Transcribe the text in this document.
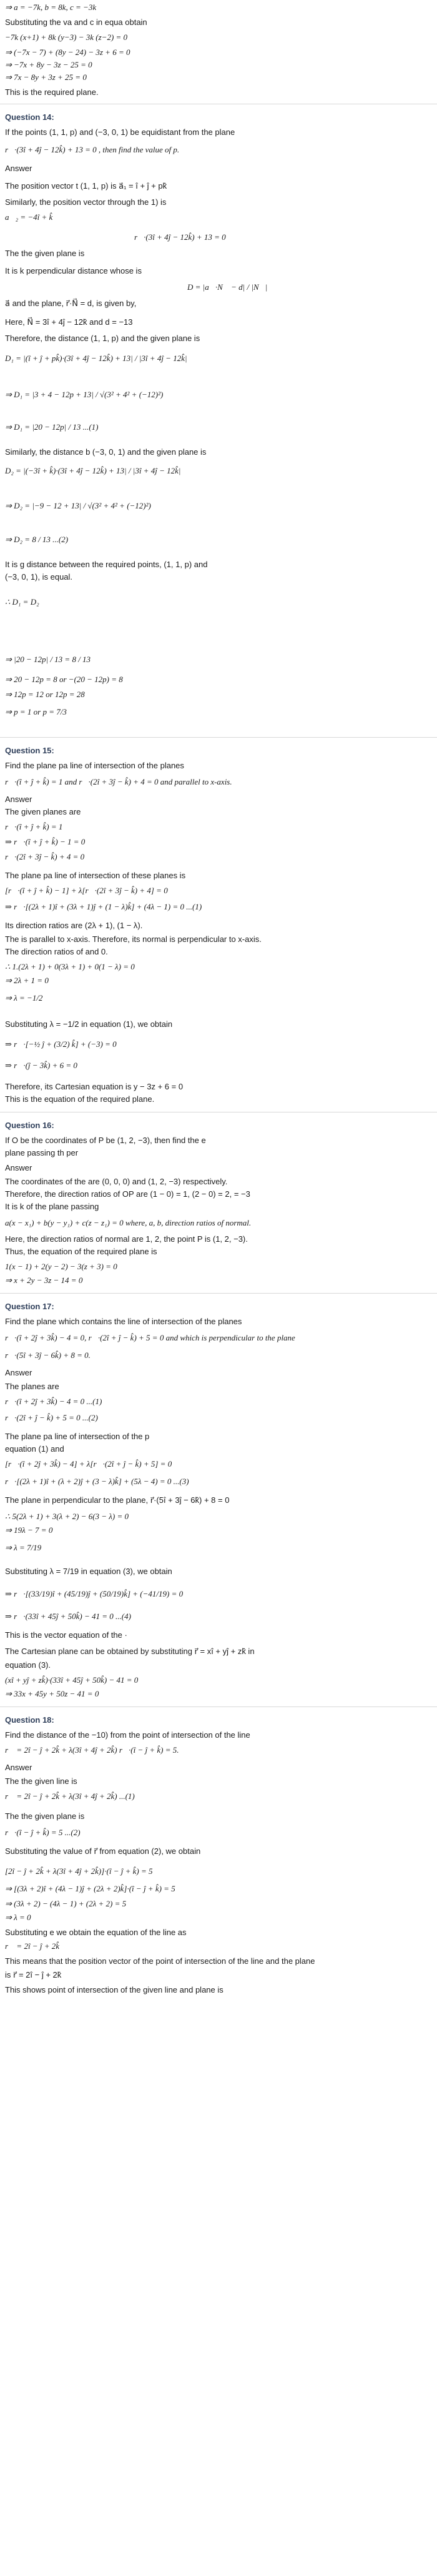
⇒ a = −7k, b = 8k, c = −3k
Substituting the va and c in equa obtain
−7k (x+1) + 8k (y−3) − 3k (z−2) = 0
⇒ (−7x − 7) + (8y − 24) − 3z + 6 = 0
⇒ −7x + 8y − 3z − 25 = 0
⇒ 7x − 8y + 3z + 25 = 0
This is the required plane.
Question 14:
If the points (1, 1, p) and (−3, 0, 1) be equidistant from the plane
r⃗·(3î + 4ĵ − 12k̂) + 13 = 0 , then find the value of p.
Answer
The position vector t (1, 1, p) is a⃗₁ = î + ĵ + pk̂
Similarly, the position vector through the 1) is
a⃗₂ = −4î + k̂
r⃗·(3î + 4ĵ − 12k̂) + 13 = 0
The the given plane is
It is k perpendicular distance whose is
D = |a⃗·N⃗ − d| / |N⃗|
a⃗ and the plane, r⃗·N⃗ = d, is given by,
Here, N⃗ = 3î + 4ĵ − 12k̂ and d = −13
Therefore, the distance (1, 1, p) and the given plane is
D₁ = |(î + ĵ + pk̂)·(3î + 4ĵ − 12k̂) + 13| / |3î + 4ĵ − 12k̂|
⇒ D₁ = |3 + 4 − 12p + 13| / √(3² + 4² + (−12)²)
⇒ D₁ = |20 − 12p| / 13 ...(1)
Similarly, the distance b (−3, 0, 1) and the given plane is
D₂ = |(−3î + k̂)·(3î + 4ĵ − 12k̂) + 13| / |3î + 4ĵ − 12k̂|
⇒ D₂ = |−9 − 12 + 13| / √(3² + 4² + (−12)²)
⇒ D₂ = 8 / 13 ...(2)
It is g distance between the required points, (1, 1, p) and
(−3, 0, 1), is equal.
∴ D₁ = D₂
⇒ |20 − 12p| / 13 = 8 / 13
⇒ 20 − 12p = 8 or −(20 − 12p) = 8
⇒ 12p = 12 or 12p = 28
⇒ p = 1 or p = 7/3
Question 15:
Find the plane pa line of intersection of the planes
r⃗·(î + ĵ + k̂) = 1 and r⃗·(2î + 3ĵ − k̂) + 4 = 0 and parallel to x-axis.
Answer
The given planes are
r⃗·(î + ĵ + k̂) = 1
⇒ r⃗·(î + ĵ + k̂) − 1 = 0
r⃗·(2î + 3ĵ − k̂) + 4 = 0
The plane pa line of intersection of these planes is
[r⃗·(î + ĵ + k̂) − 1] + λ[r⃗·(2î + 3ĵ − k̂) + 4] = 0
⇒ r⃗·[(2λ + 1)î + (3λ + 1)ĵ + (1 − λ)k̂] + (4λ − 1) = 0 ...(1)
Its direction ratios are (2λ + 1), (1 − λ).
The is parallel to x-axis. Therefore, its normal is perpendicular to x-axis.
The direction ratios of and 0.
∴ 1.(2λ + 1) + 0(3λ + 1) + 0(1 − λ) = 0
⇒ 2λ + 1 = 0
⇒ λ = −1/2
Substituting λ = −1/2 in equation (1), we obtain
⇒ r⃗·[−½ ĵ + (3/2) k̂] + (−3) = 0
⇒ r⃗·(ĵ − 3k̂) + 6 = 0
Therefore, its Cartesian equation is y − 3z + 6 = 0
This is the equation of the required plane.
Question 16:
If O be the coordinates of P be (1, 2, −3), then find the e
plane passing th per
Answer
The coordinates of the are (0, 0, 0) and (1, 2, −3) respectively.
Therefore, the direction ratios of OP are (1 − 0) = 1, (2 − 0) = 2, = −3
It is k of the plane passing
a(x − x₁) + b(y − y₁) + c(z − z₁) = 0 where, a, b, direction ratios of normal.
Here, the direction ratios of normal are 1, 2, the point P is (1, 2, −3).
Thus, the equation of the required plane is
1(x − 1) + 2(y − 2) − 3(z + 3) = 0
⇒ x + 2y − 3z − 14 = 0
Question 17:
Find the plane which contains the line of intersection of the planes
r⃗·(î + 2ĵ + 3k̂) − 4 = 0, r⃗·(2î + ĵ − k̂) + 5 = 0 and which is perpendicular to the plane
r⃗·(5î + 3ĵ − 6k̂) + 8 = 0.
Answer
The planes are
r⃗·(î + 2ĵ + 3k̂) − 4 = 0 ...(1)
r⃗·(2î + ĵ − k̂) + 5 = 0 ...(2)
The plane pa line of intersection of the p
equation (1) and
[r⃗·(î + 2ĵ + 3k̂) − 4] + λ[r⃗·(2î + ĵ − k̂) + 5] = 0
r⃗·[(2λ + 1)î + (λ + 2)ĵ + (3 − λ)k̂] + (5λ − 4) = 0 ...(3)
The plane in perpendicular to the plane, r⃗·(5î + 3ĵ − 6k̂) + 8 = 0
∴ 5(2λ + 1) + 3(λ + 2) − 6(3 − λ) = 0
⇒ 19λ − 7 = 0
⇒ λ = 7/19
Substituting λ = 7/19 in equation (3), we obtain
⇒ r⃗·[(33/19)î + (45/19)ĵ + (50/19)k̂] + (−41/19) = 0
⇒ r⃗·(33î + 45ĵ + 50k̂) − 41 = 0 ...(4)
This is the vector equation of the ·
The Cartesian plane can be obtained by substituting r⃗ = xî + yĵ + zk̂ in
equation (3).
(xî + yĵ + zk̂)·(33î + 45ĵ + 50k̂) − 41 = 0
⇒ 33x + 45y + 50z − 41 = 0
Question 18:
Find the distance of the −10) from the point of intersection of the line
r⃗ = 2î − ĵ + 2k̂ + λ(3î + 4ĵ + 2k̂) r⃗·(î − ĵ + k̂) = 5.
Answer
The the given line is
r⃗ = 2î − ĵ + 2k̂ + λ(3î + 4ĵ + 2k̂) ...(1)
The the given plane is
r⃗·(î − ĵ + k̂) = 5 ...(2)
Substituting the value of r⃗ from equation (2), we obtain
[2î − ĵ + 2k̂ + λ(3î + 4ĵ + 2k̂)]·(î − ĵ + k̂) = 5
⇒ [(3λ + 2)î + (4λ − 1)ĵ + (2λ + 2)k̂]·(î − ĵ + k̂) = 5
⇒ (3λ + 2) − (4λ − 1) + (2λ + 2) = 5
⇒ λ = 0
Substituting e we obtain the equation of the line as
r⃗ = 2î − ĵ + 2k̂
This means that the position vector of the point of intersection of the line and the plane
is r⃗ = 2î − ĵ + 2k̂
This shows point of intersection of the given line and plane is
